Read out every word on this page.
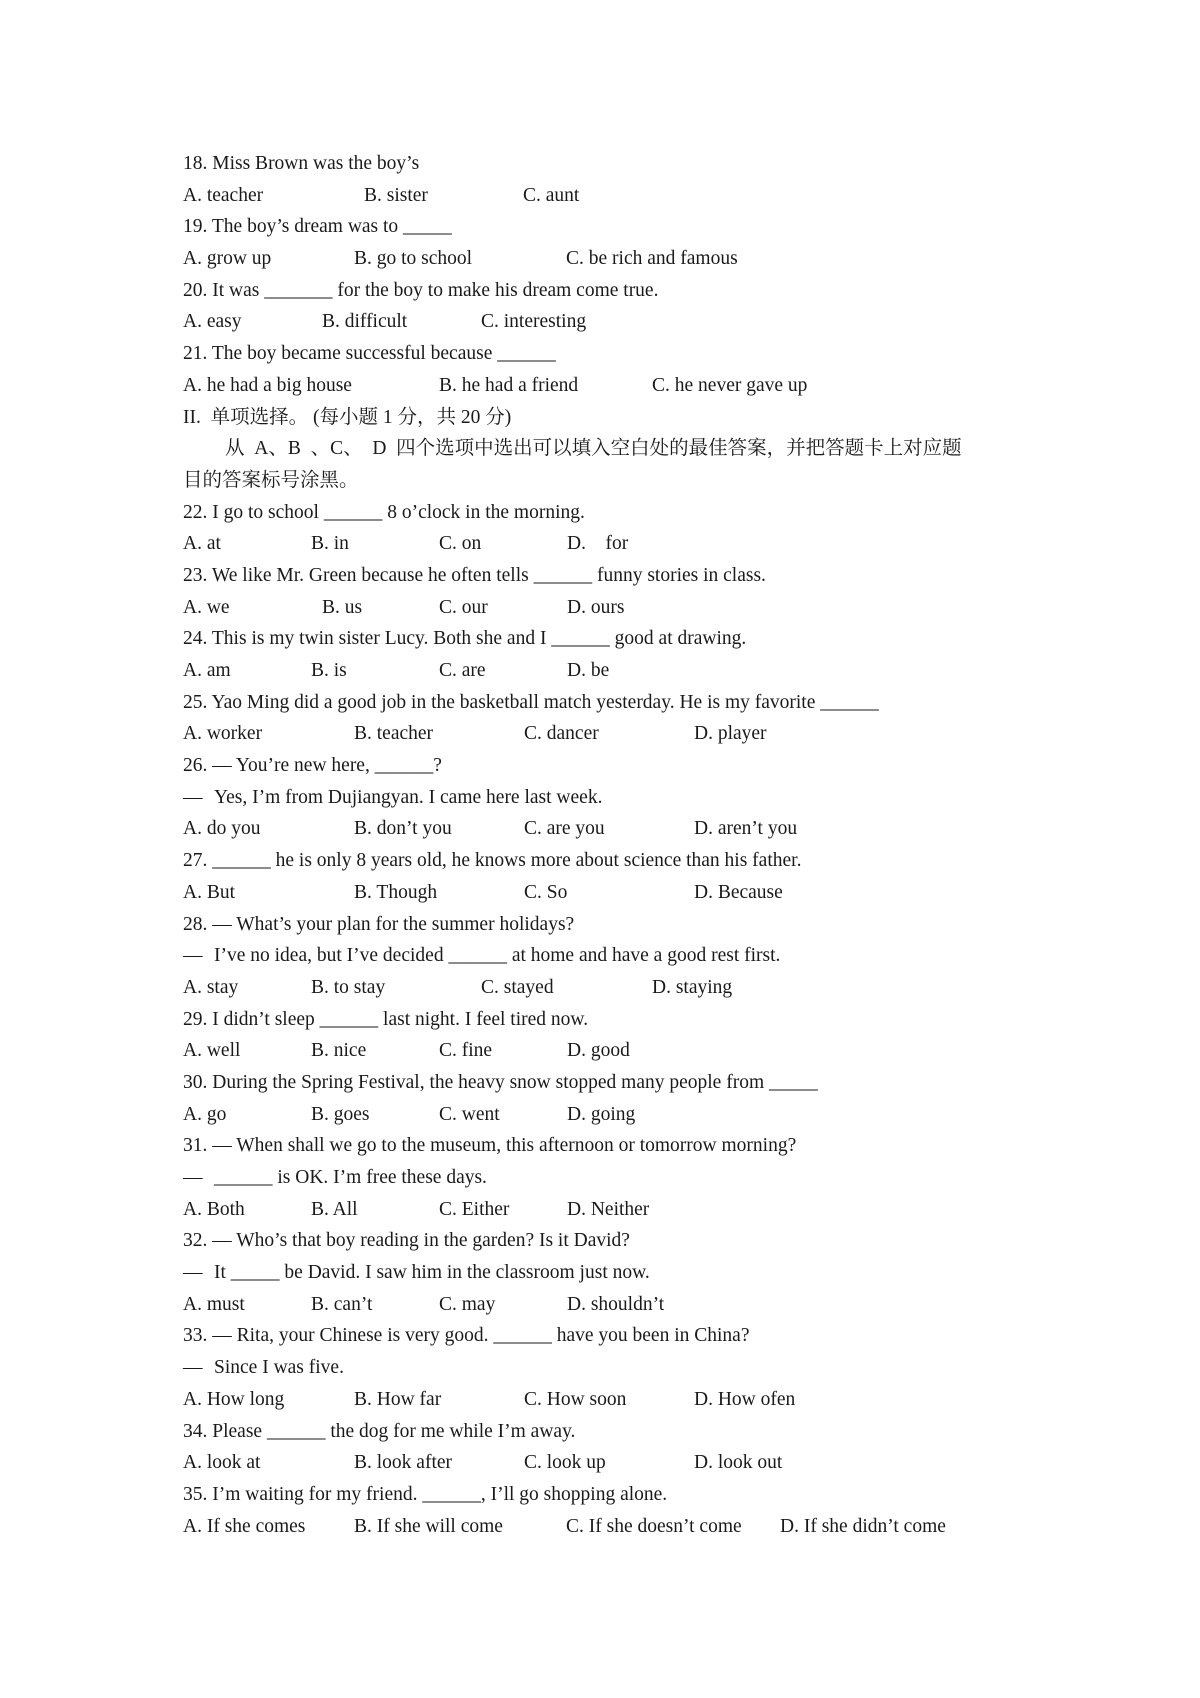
18. Miss Brown was the boy’s
A. teacher	B. sister	C. aunt
19. The boy’s dream was to _____
A. grow up	B. go to school	C. be rich and famous
20. It was _______ for the boy to make his dream come true.
A. easy	B. difficult	C. interesting
21. The boy became successful because ______
A. he had a big house	B. he had a friend	C. he never gave up
II.  单项选择。 (每小题 1 分，共 20 分)
从  A、B  、C、  D  四个选项中选出可以填入空白处的最佳答案，并把答题卡上对应题
目的答案标号涂黑。
22. I go to school ______ 8 o’clock in the morning.
A. at	B. in	C. on	D.    for
23. We like Mr. Green because he often tells ______ funny stories in class.
A. we	B. us	C. our	D. ours
24. This is my twin sister Lucy. Both she and I ______ good at drawing.
A. am	B. is	C. are	D. be
25. Yao Ming did a good job in the basketball match yesterday. He is my favorite ______
A. worker	B. teacher	C. dancer	D. player
26. — You’re new here, ______?
— Yes, I’m from Dujiangyan. I came here last week.
A. do you	B. don’t you	C. are you	D. aren’t you
27. ______ he is only 8 years old, he knows more about science than his father.
A. But	B. Though	C. So	D. Because
28. — What’s your plan for the summer holidays?
— I’ve no idea, but I’ve decided ______ at home and have a good rest first.
A. stay	B. to stay	C. stayed	D. staying
29. I didn’t sleep ______ last night. I feel tired now.
A. well	B. nice	C. fine	D. good
30. During the Spring Festival, the heavy snow stopped many people from _____
A. go	B. goes	C. went	D. going
31. — When shall we go to the museum, this afternoon or tomorrow morning?
— ______ is OK. I’m free these days.
A. Both	B. All	C. Either	D. Neither
32. — Who’s that boy reading in the garden? Is it David?
— It _____ be David. I saw him in the classroom just now.
A. must	B. can’t	C. may	D. shouldn’t
33. — Rita, your Chinese is very good. ______ have you been in China?
— Since I was five.
A. How long	B. How far	C. How soon	D. How ofen
34. Please ______ the dog for me while I’m away.
A. look at	B. look after	C. look up	D. look out
35. I’m waiting for my friend. ______, I’ll go shopping alone.
A. If she comes B. If she will come	C. If she doesn’t come D. If she didn’t come
